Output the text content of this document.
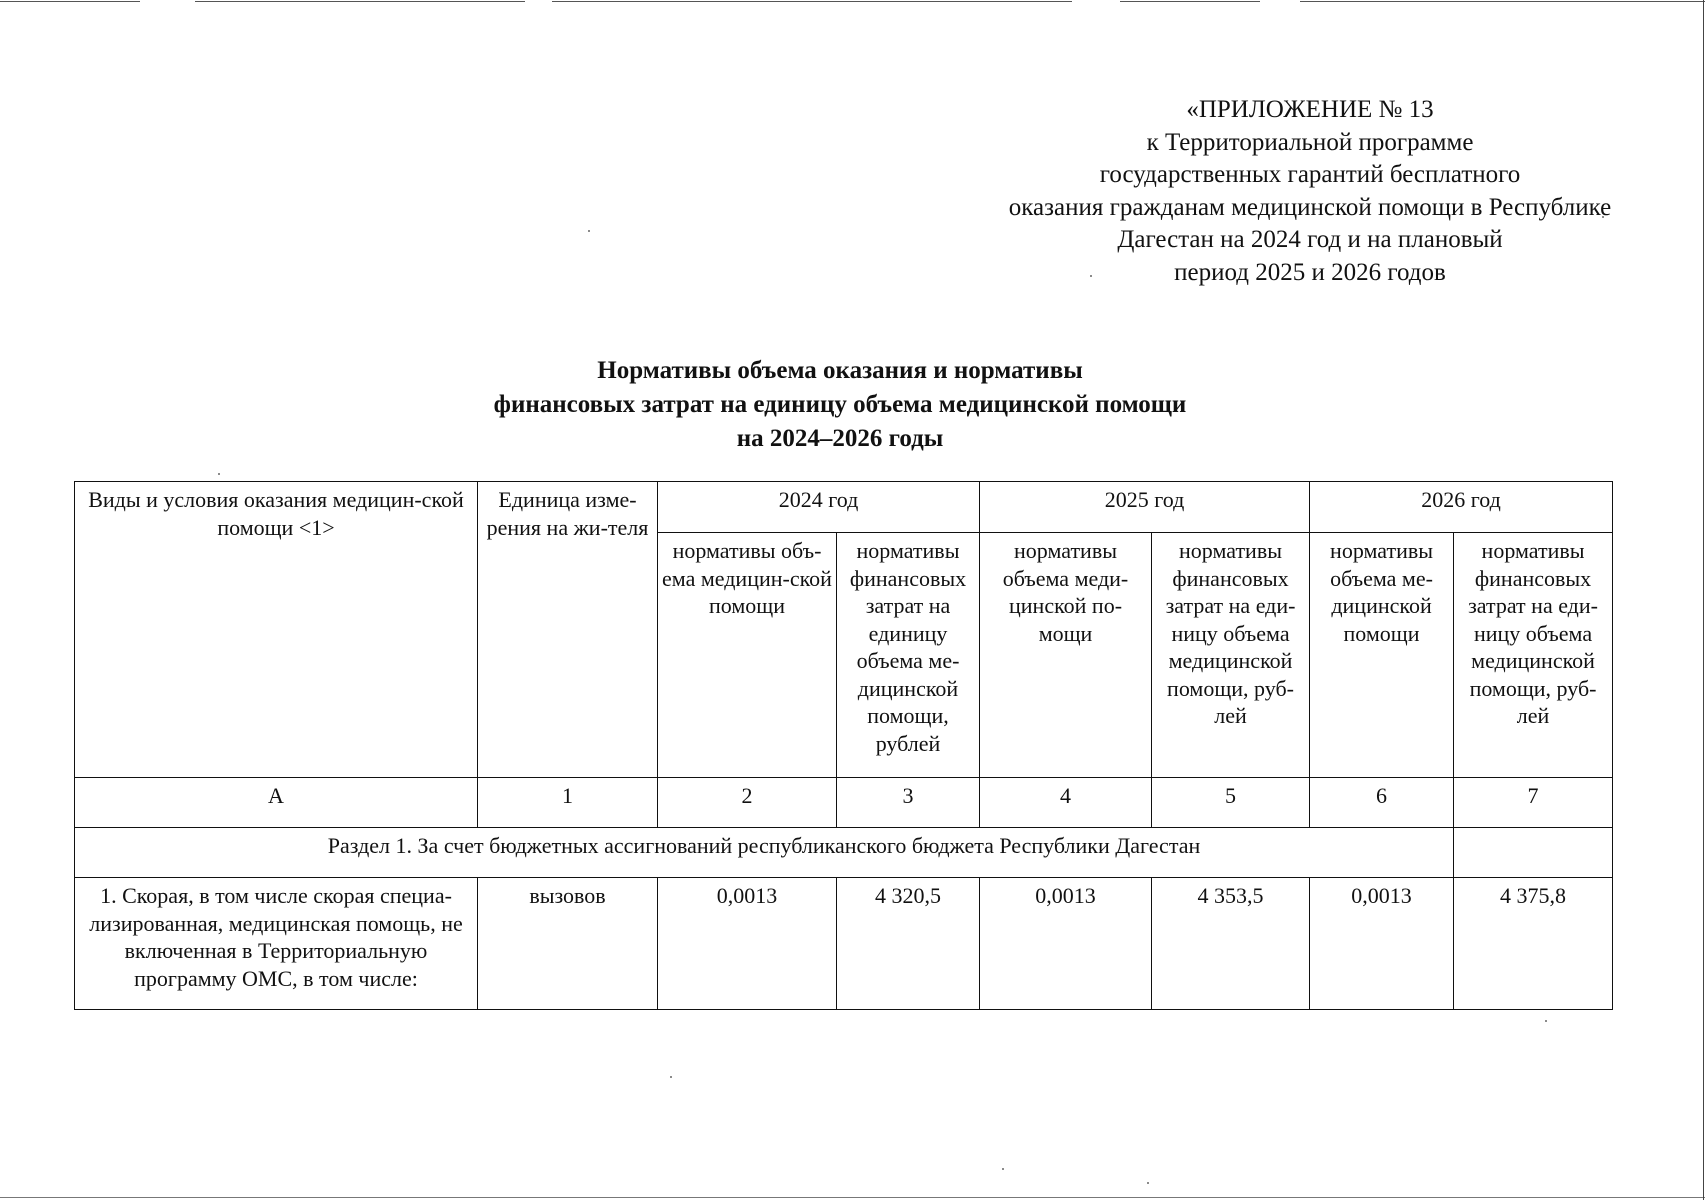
«ПРИЛОЖЕНИЕ № 13
к Территориальной программе
государственных гарантий бесплатного
оказания гражданам медицинской помощи в Республике
Дагестан на 2024 год и на плановый
период 2025 и 2026 годов
Нормативы объема оказания и нормативы
финансовых затрат на единицу объема медицинской помощи
на 2024–2026 годы
Виды и условия оказания медицин-ской помощи <1>	Единица изме-рения на жи-теля	2024 год		2025 год		2026 год	
		нормативы объ-ема медицин-ской помощи	нормативы финансовых затрат на единицу объема ме-дицинской помощи, рублей	нормативы объема меди-цинской по-мощи	нормативы финансовых затрат на еди-ницу объема медицинской помощи, руб-лей	нормативы объема ме-дицинской помощи	нормативы финансовых затрат на еди-ницу объема медицинской помощи, руб-лей
А	1	2	3	4	5	6	7
Раздел 1. За счет бюджетных ассигнований республиканского бюджета Республики Дагестан							
1. Скорая, в том числе скорая специа-лизированная, медицинская помощь, не включенная в Территориальную программу ОМС, в том числе:	вызовов	0,0013	4 320,5	0,0013	4 353,5	0,0013	4 375,8
